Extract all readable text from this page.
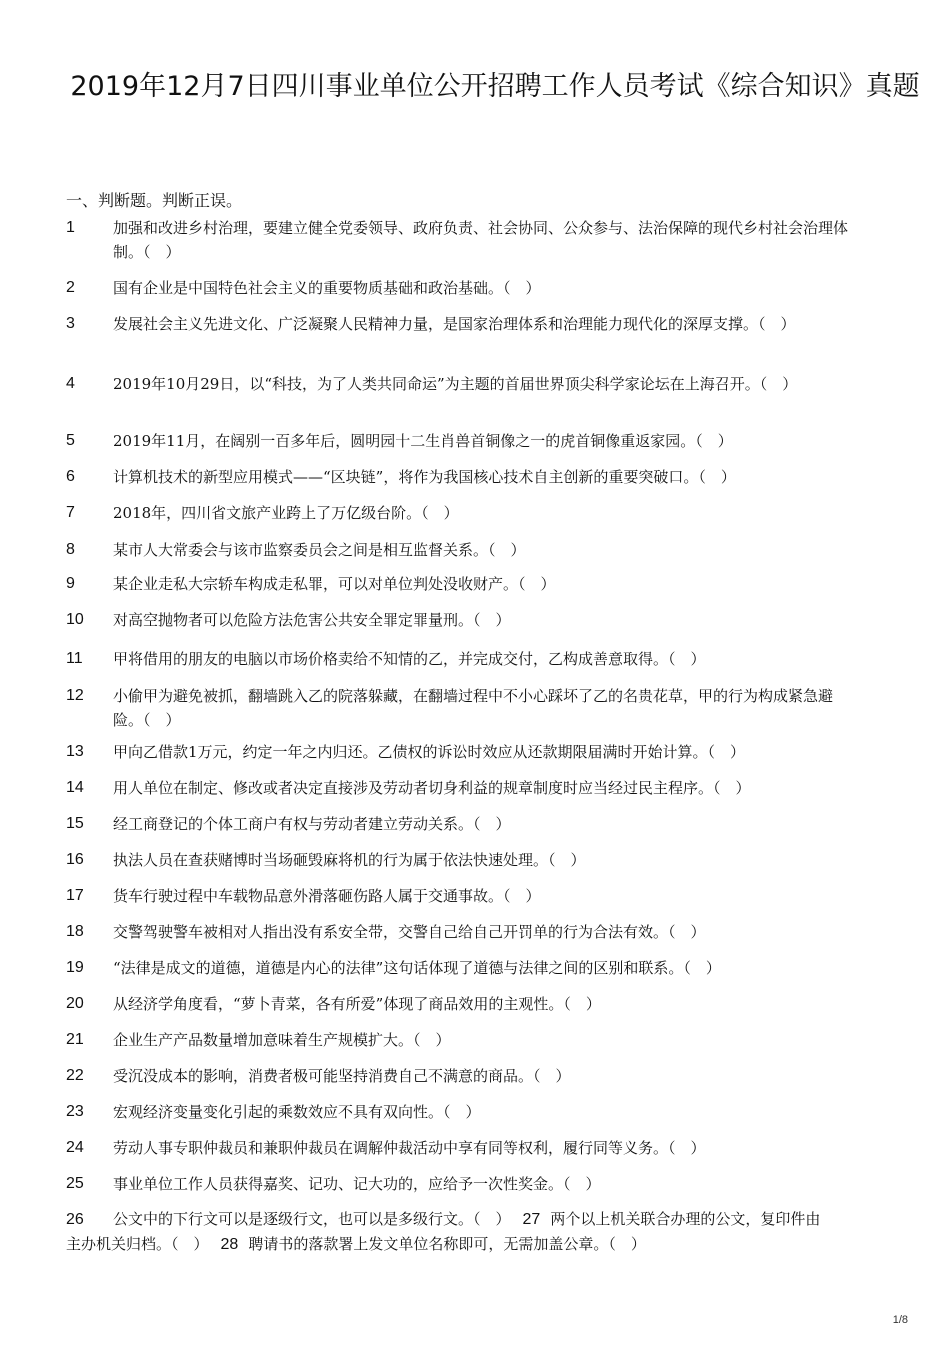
2019年12月7日四川事业单位公开招聘工作人员考试《综合知识》真题
一、判断题。判断正误。
1	加强和改进乡村治理，要建立健全党委领导、政府负责、社会协同、公众参与、法治保障的现代乡村社会治理体制。（　）
2	国有企业是中国特色社会主义的重要物质基础和政治基础。（　）
3	发展社会主义先进文化、广泛凝聚人民精神力量，是国家治理体系和治理能力现代化的深厚支撑。（　）
4	2019年10月29日，以“科技，为了人类共同命运”为主题的首届世界顶尖科学家论坛在上海召开。（　）
5	2019年11月，在阔别一百多年后，圆明园十二生肖兽首铜像之一的虎首铜像重返家园。（　）
6	计算机技术的新型应用模式——“区块链”，将作为我国核心技术自主创新的重要突破口。（　）
7	2018年，四川省文旅产业跨上了万亿级台阶。（　）
8	某市人大常委会与该市监察委员会之间是相互监督关系。（　）
9	某企业走私大宗轿车构成走私罪，可以对单位判处没收财产。（　）
10	对高空抛物者可以危险方法危害公共安全罪定罪量刑。（　）
11	甲将借用的朋友的电脑以市场价格卖给不知情的乙，并完成交付，乙构成善意取得。（　）
12	小偷甲为避免被抓，翻墙跳入乙的院落躲藏，在翻墙过程中不小心踩坏了乙的名贵花草，甲的行为构成紧急避险。（　）
13	甲向乙借款1万元，约定一年之内归还。乙债权的诉讼时效应从还款期限届满时开始计算。（　）
14	用人单位在制定、修改或者决定直接涉及劳动者切身利益的规章制度时应当经过民主程序。（　）
15	经工商登记的个体工商户有权与劳动者建立劳动关系。（　）
16	执法人员在查获赌博时当场砸毁麻将机的行为属于依法快速处理。（　）
17	货车行驶过程中车载物品意外滑落砸伤路人属于交通事故。（　）
18	交警驾驶警车被相对人指出没有系安全带，交警自己给自己开罚单的行为合法有效。（　）
19	“法律是成文的道德，道德是内心的法律”这句话体现了道德与法律之间的区别和联系。（　）
20	从经济学角度看，“萝卜青菜，各有所爱”体现了商品效用的主观性。（　）
21	企业生产产品数量增加意味着生产规模扩大。（　）
22	受沉没成本的影响，消费者极可能坚持消费自己不满意的商品。（　）
23	宏观经济变量变化引起的乘数效应不具有双向性。（　）
24	劳动人事专职仲裁员和兼职仲裁员在调解仲裁活动中享有同等权利，履行同等义务。（　）
25	事业单位工作人员获得嘉奖、记功、记大功的，应给予一次性奖金。（　）
26 公文中的下行文可以是逐级行文，也可以是多级行文。（　） 27 两个以上机关联合办理的公文，复印件由主办机关归档。（　） 28 聘请书的落款署上发文单位名称即可，无需加盖公章。（　）
1/8
